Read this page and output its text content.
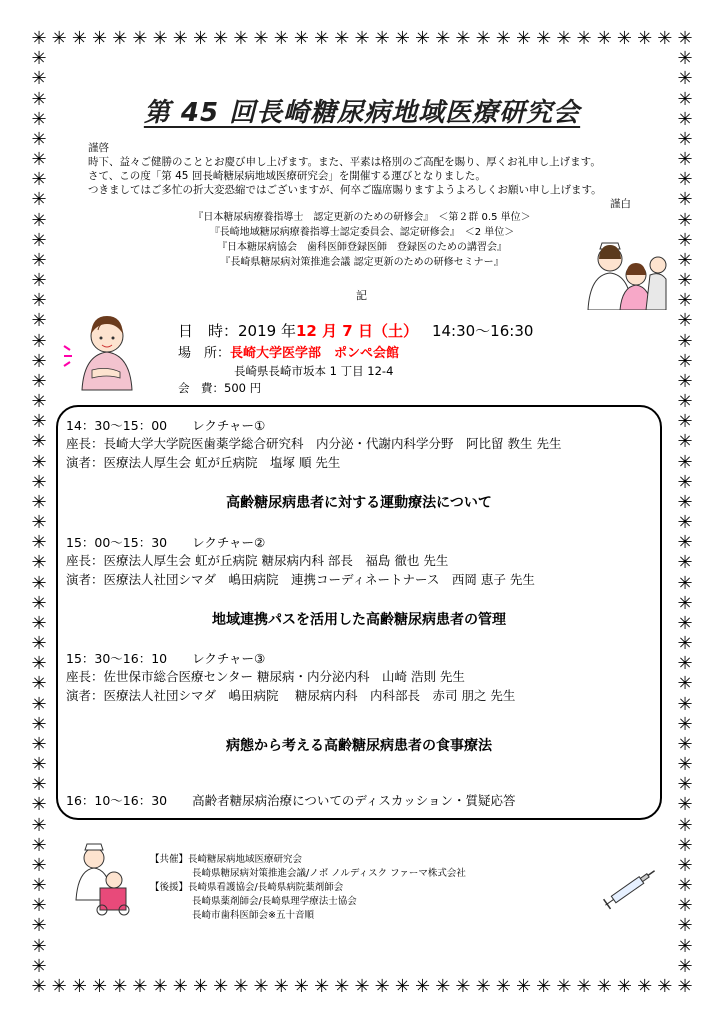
✳
✳
✳
✳
✳
✳
✳
✳
✳
✳
✳
✳
✳
✳
✳
✳
✳
✳
✳
✳
✳
✳
✳
✳
✳
✳
✳
✳
✳
✳
✳
✳
✳
✳
✳
✳
✳
✳
✳
✳
✳
✳
✳
✳
✳
✳
✳
✳
✳
✳
✳
✳
✳
✳
✳
✳
✳
✳
✳
✳
✳
✳
✳
✳
✳
✳
✳	✳
✳	✳
✳	✳
✳	✳
✳	✳
✳	✳
✳	✳
✳	✳
✳	✳
✳	✳
✳	✳
✳	✳
✳	✳
✳	✳
✳	✳
✳	✳
✳	✳
✳	✳
✳	✳
✳	✳
✳	✳
✳	✳
✳	✳
✳	✳
✳	✳
✳	✳
✳	✳
✳	✳
✳	✳
✳	✳
✳	✳
✳	✳
✳	✳
✳	✳
✳	✳
✳	✳
✳	✳
✳	✳
✳	✳
✳	✳
✳	✳
✳	✳
✳	✳
✳	✳
✳	✳
✳	✳
第 45 回長崎糖尿病地域医療研究会
謹啓
時下、益々ご健勝のこととお慶び申し上げます。また、平素は格別のご高配を賜り、厚くお礼申し上げます。
さて、この度「第 45 回長崎糖尿病地域医療研究会」を開催する運びとなりました。
つきましてはご多忙の折大変恐縮ではございますが、何卒ご臨席賜りますようよろしくお願い申し上げます。
謹白
『日本糖尿病療養指導士　認定更新のための研修会』　＜第２群 0.5 単位＞
『長崎地域糖尿病療養指導士認定委員会、認定研修会』　＜2 単位＞
『日本糖尿病協会　歯科医師登録医師　登録医のための講習会』
『長崎県糖尿病対策推進会議 認定更新のための研修セミナー』
記
日　時：2019 年12 月 7 日（土） 14:30～16:30
場　所：長崎大学医学部　ポンペ会館
長崎県長崎市坂本 1 丁目 12-4
会　費：500 円
14：30～15：00　　レクチャー①
座長：長崎大学大学院医歯薬学総合研究科　内分泌・代謝内科学分野　阿比留 教生 先生
演者：医療法人厚生会 虹が丘病院　塩塚 順 先生
高齢糖尿病患者に対する運動療法について
15：00～15：30　　レクチャー②
座長：医療法人厚生会 虹が丘病院 糖尿病内科 部長　福島 徹也 先生
演者：医療法人社団シマダ　嶋田病院　連携コーディネートナース　西岡 恵子 先生
地域連携パスを活用した高齢糖尿病患者の管理
15：30～16：10　　レクチャー③
座長：佐世保市総合医療センター 糖尿病・内分泌内科　山崎 浩則 先生
演者：医療法人社団シマダ　嶋田病院　 糖尿病内科　内科部長　赤司 朋之 先生
病態から考える高齢糖尿病患者の食事療法
16：10～16：30　　高齢者糖尿病治療についてのディスカッション・質疑応答
【共催】長崎糖尿病地域医療研究会
長崎県糖尿病対策推進会議/ノボ ノルディスク ファーマ株式会社
【後援】長崎県看護協会/長崎県病院薬剤師会
長崎県薬剤師会/長崎県理学療法士協会
長崎市歯科医師会※五十音順
